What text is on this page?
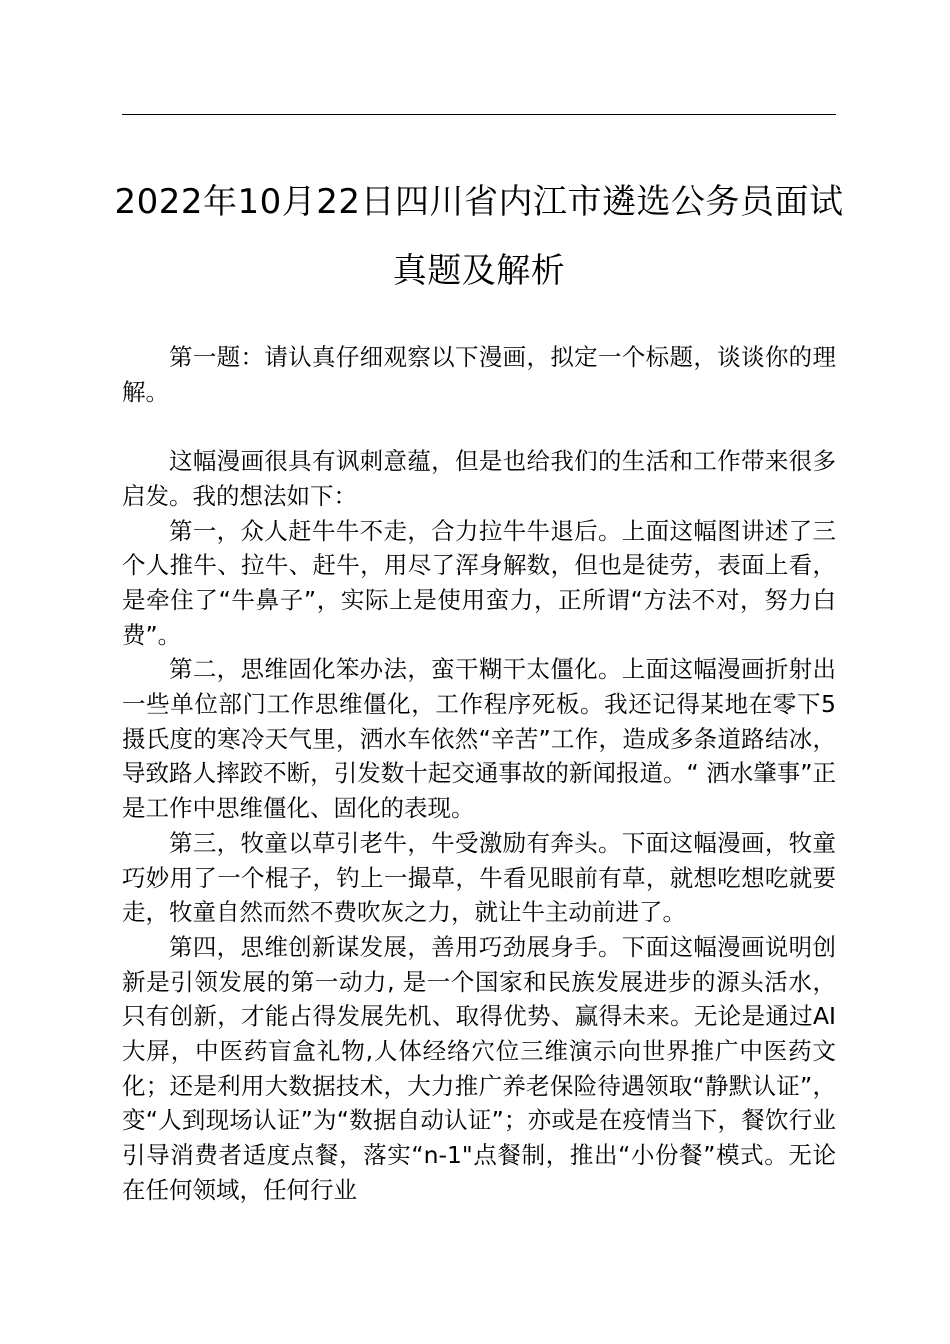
2022年10月22日四川省内江市遴选公务员面试真题及解析

第一题：请认真仔细观察以下漫画，拟定一个标题，谈谈你的理解。

这幅漫画很具有讽刺意蕴，但是也给我们的生活和工作带来很多启发。我的想法如下：

第一，众人赶牛牛不走，合力拉牛牛退后。上面这幅图讲述了三个人推牛、拉牛、赶牛，用尽了浑身解数，但也是徒劳，表面上看，是牵住了“牛鼻子”，实际上是使用蛮力，正所谓“方法不对，努力白费”。

第二，思维固化笨办法，蛮干糊干太僵化。上面这幅漫画折射出一些单位部门工作思维僵化，工作程序死板。我还记得某地在零下5摄氏度的寒冷天气里，洒水车依然“辛苦”工作，造成多条道路结冰，导致路人摔跤不断，引发数十起交通事故的新闻报道。“ 洒水肇事”正是工作中思维僵化、固化的表现。

第三，牧童以草引老牛，牛受激励有奔头。下面这幅漫画，牧童巧妙用了一个棍子，钓上一撮草，牛看见眼前有草，就想吃想吃就要走，牧童自然而然不费吹灰之力，就让牛主动前进了。

第四，思维创新谋发展，善用巧劲展身手。下面这幅漫画说明创新是引领发展的第一动力, 是一个国家和民族发展进步的源头活水，只有创新，才能占得发展先机、取得优势、赢得未来。无论是通过AI大屏，中医药盲盒礼物,人体经络穴位三维演示向世界推广中医药文化；还是利用大数据技术，大力推广养老保险待遇领取“静默认证”，变“人到现场认证”为“数据自动认证”；亦或是在疫情当下，餐饮行业引导消费者适度点餐，落实“n-1"点餐制，推出“小份餐”模式。无论在任何领域，任何行业
